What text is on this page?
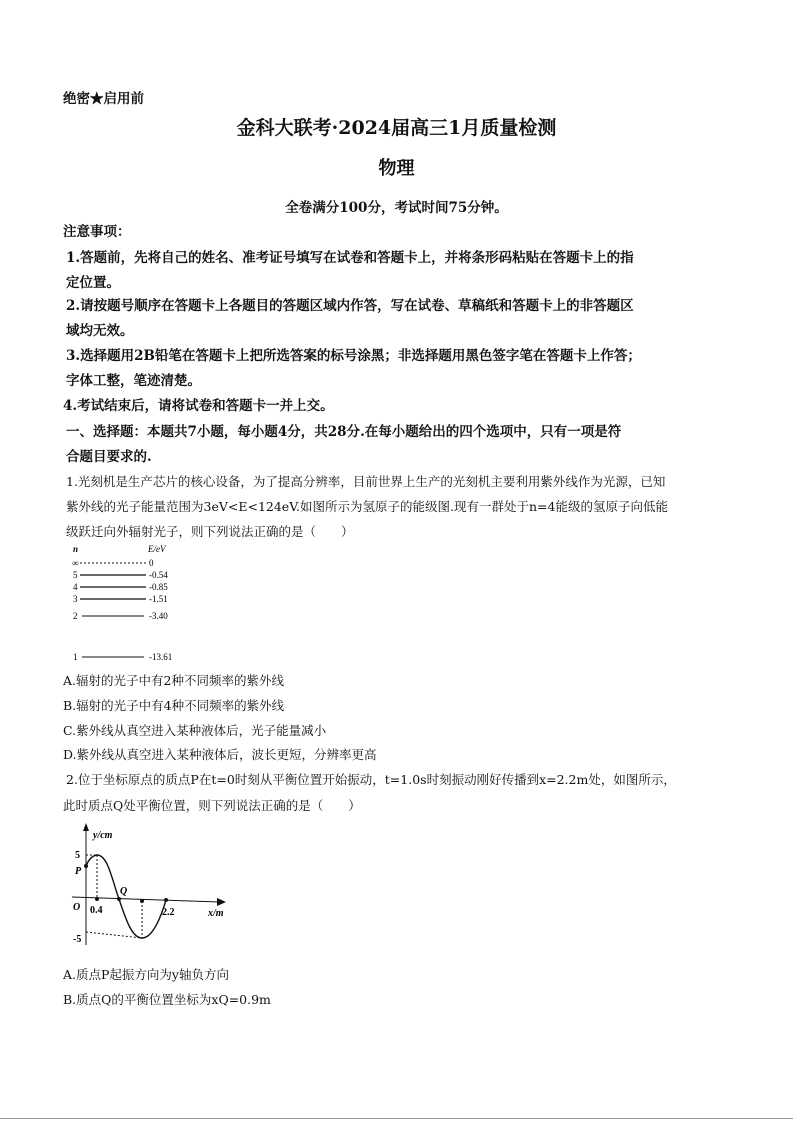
绝密★启用前
金科大联考·2024届高三1月质量检测
物理
全卷满分100分，考试时间75分钟。
注意事项：
1.答题前，先将自己的姓名、准考证号填写在试卷和答题卡上，并将条形码粘贴在答题卡上的指
定位置。
2.请按题号顺序在答题卡上各题目的答题区域内作答，写在试卷、草稿纸和答题卡上的非答题区
域均无效。
3.选择题用2B铅笔在答题卡上把所选答案的标号涂黑；非选择题用黑色签字笔在答题卡上作答；
字体工整，笔迹清楚。
4.考试结束后，请将试卷和答题卡一并上交。
一、选择题：本题共7小题，每小题4分，共28分.在每小题给出的四个选项中，只有一项是符
合题目要求的.
1.光刻机是生产芯片的核心设备，为了提高分辨率，目前世界上生产的光刻机主要利用紫外线作为光源，已知
紫外线的光子能量范围为3eV<E<124eV.如图所示为氢原子的能级图.现有一群处于n=4能级的氢原子向低能
级跃迁向外辐射光子，则下列说法正确的是（　　）
n	E/eV
∞	0
5	-0.54
4	-0.85
3	-1.51
2	-3.40
1	-13.61
A.辐射的光子中有2种不同频率的紫外线
B.辐射的光子中有4种不同频率的紫外线
C.紫外线从真空进入某种液体后，光子能量减小
D.紫外线从真空进入某种液体后，波长更短，分辨率更高
2.位于坐标原点的质点P在t=0时刻从平衡位置开始振动，t=1.0s时刻振动刚好传播到x=2.2m处，如图所示，
此时质点Q处平衡位置，则下列说法正确的是（　　）
y/cm
x/m
5
P
-5
O
Q
0.4	2.2
A.质点P起振方向为y轴负方向
B.质点Q的平衡位置坐标为xQ=0.9m
